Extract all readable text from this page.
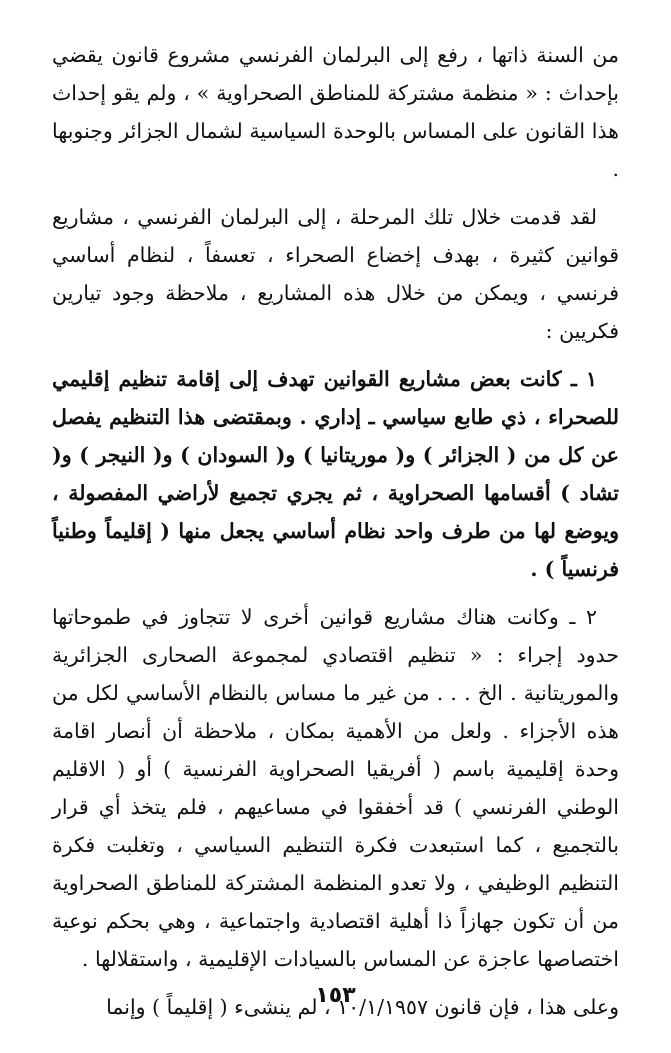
من السنة ذاتها ، رفع إلى البرلمان الفرنسي مشروع قانون يقضي بإحداث : « منظمة مشتركة للمناطق الصحراوية » ، ولم يقو إحداث هذا القانون على المساس بالوحدة السياسية لشمال الجزائر وجنوبها .

لقد قدمت خلال تلك المرحلة ، إلى البرلمان الفرنسي ، مشاريع قوانين كثيرة ، بهدف إخضاع الصحراء ، تعسفاً ، لنظام أساسي فرنسي ، ويمكن من خلال هذه المشاريع ، ملاحظة وجود تيارين فكريين :

١ ـ كانت بعض مشاريع القوانين تهدف إلى إقامة تنظيم إقليمي للصحراء ، ذي طابع سياسي ـ إداري . وبمقتضى هذا التنظيم يفصل عن كل من ( الجزائر ) و( موريتانيا ) و( السودان ) و( النيجر ) و( تشاد ) أقسامها الصحراوية ، ثم يجري تجميع لأراضي المفصولة ، ويوضع لها من طرف واحد نظام أساسي يجعل منها ( إقليماً وطنياً فرنسياً ) .

٢ ـ وكانت هناك مشاريع قوانين أخرى لا تتجاوز في طموحاتها حدود إجراء : « تنظيم اقتصادي لمجموعة الصحارى الجزائرية والموريتانية . الخ . . . من غير ما مساس بالنظام الأساسي لكل من هذه الأجزاء . ولعل من الأهمية بمكان ، ملاحظة أن أنصار اقامة وحدة إقليمية باسم ( أفريقيا الصحراوية الفرنسية ) أو ( الاقليم الوطني الفرنسي ) قد أخفقوا في مساعيهم ، فلم يتخذ أي قرار بالتجميع ، كما استبعدت فكرة التنظيم السياسي ، وتغلبت فكرة التنظيم الوظيفي ، ولا تعدو المنظمة المشتركة للمناطق الصحراوية من أن تكون جهازاً ذا أهلية اقتصادية واجتماعية ، وهي بحكم نوعية اختصاصها عاجزة عن المساس بالسيادات الإقليمية ، واستقلالها .

وعلى هذا ، فإن قانون ١٠/١/١٩٥٧ ، لم ينشىء ( إقليماً ) وإنما

١٥٣
